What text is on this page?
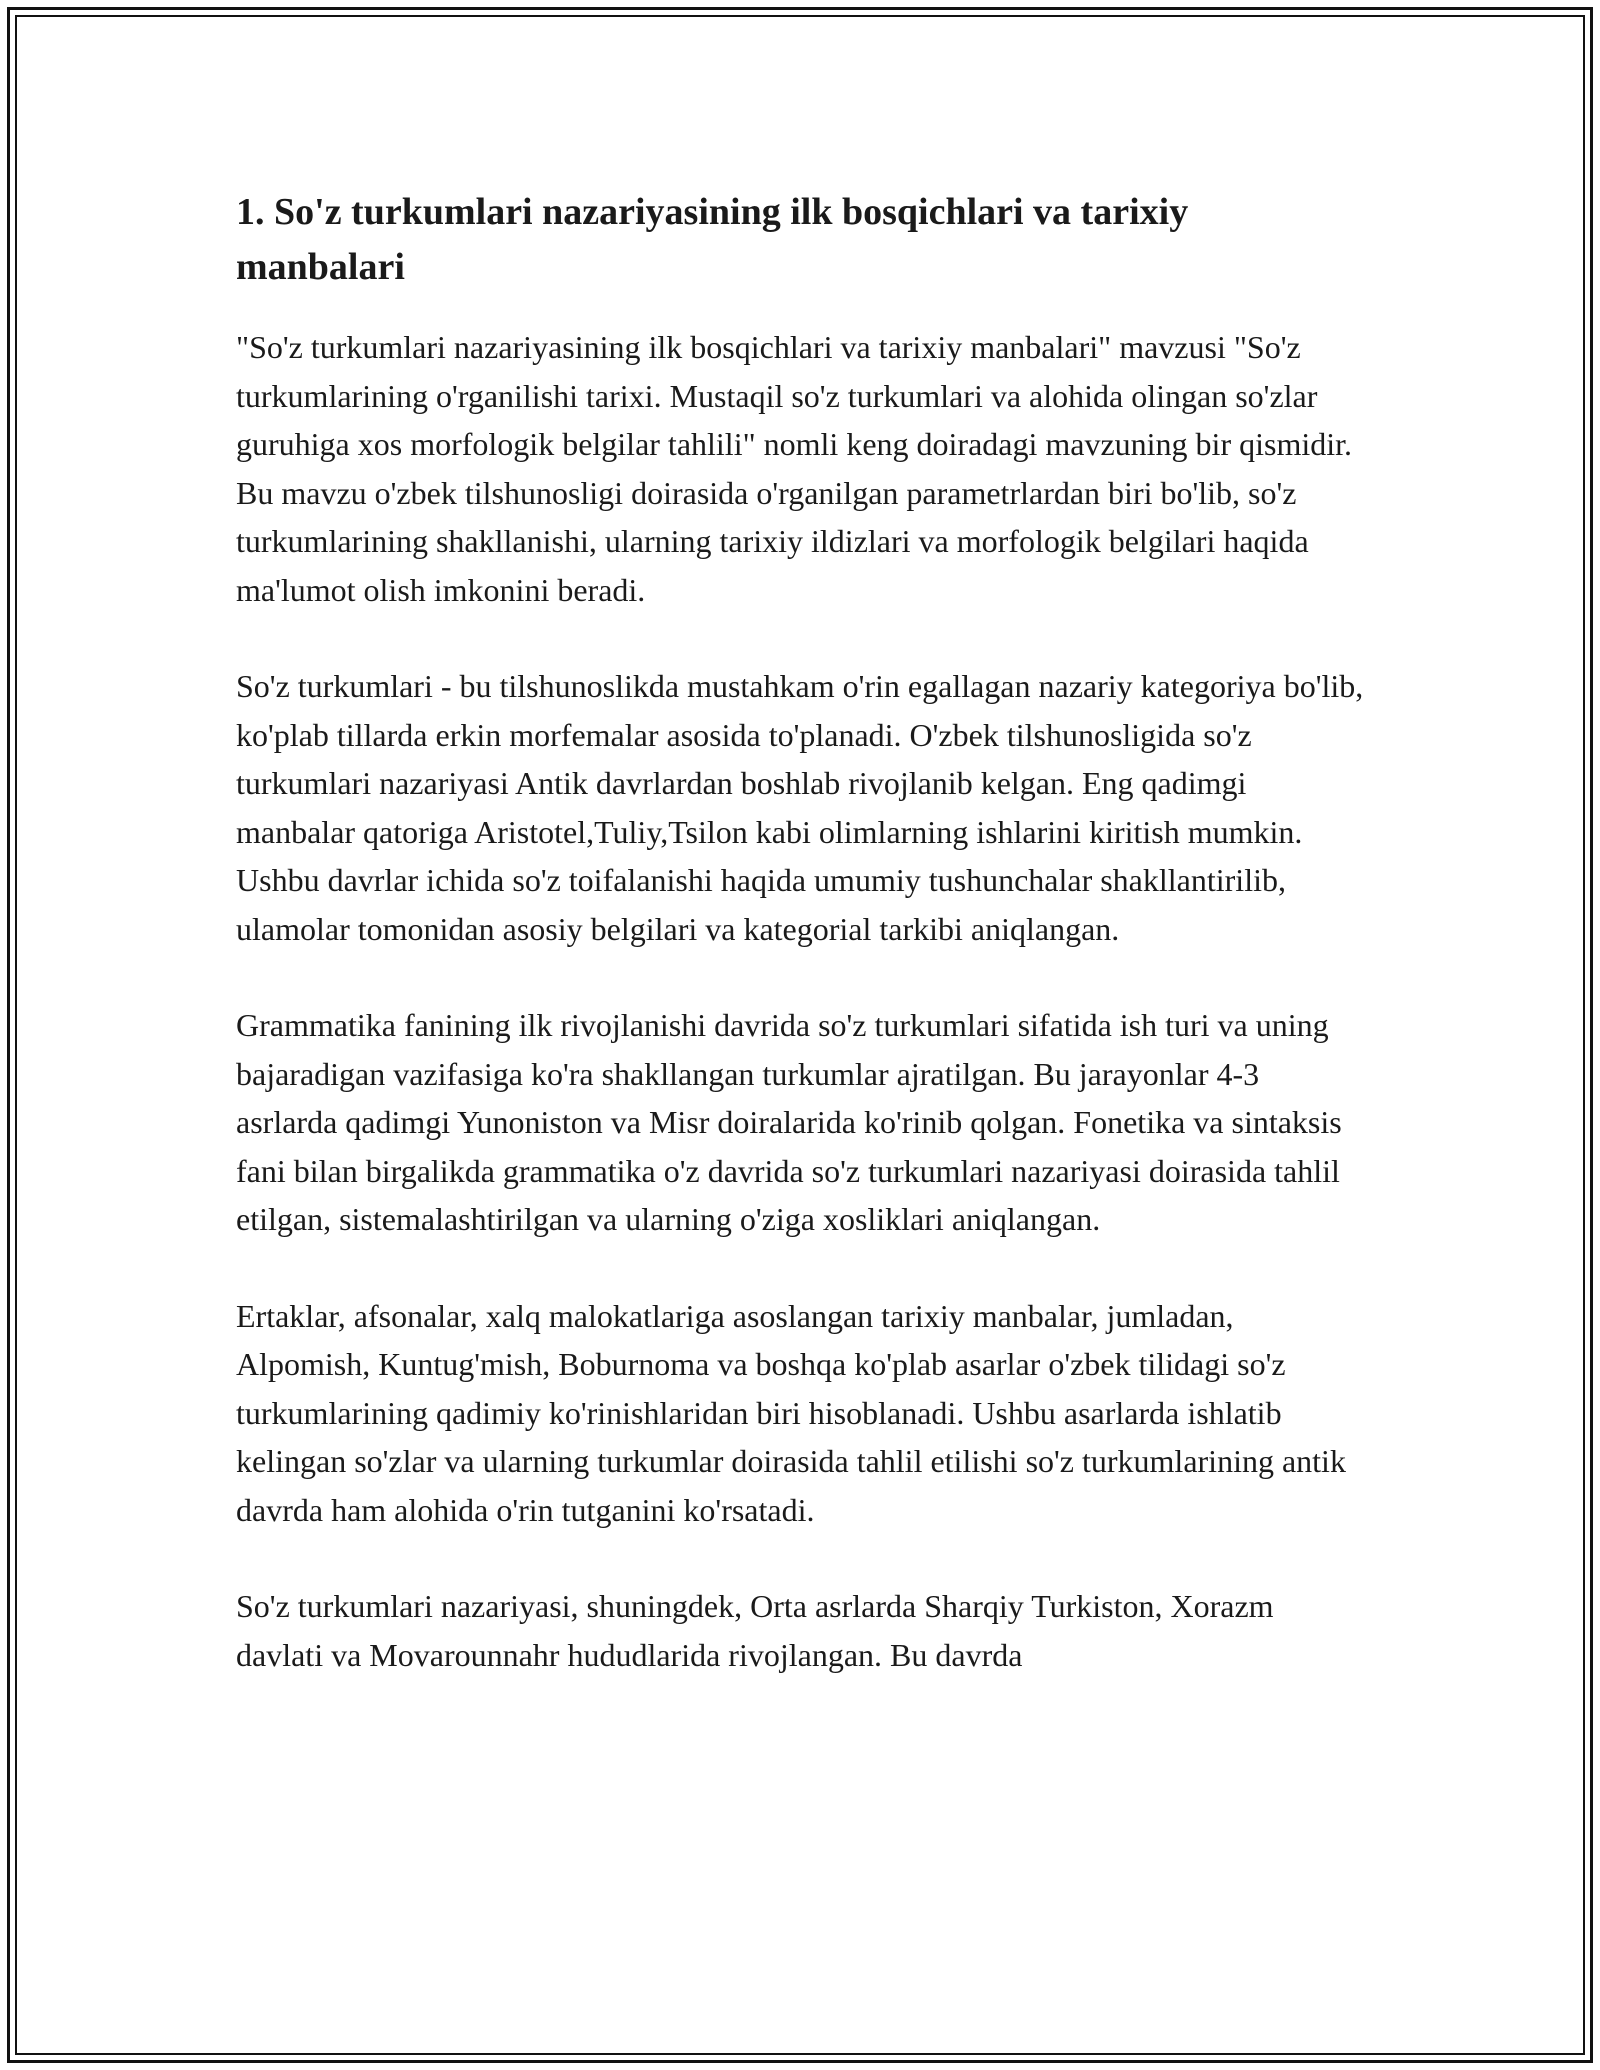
1. So'z turkumlari nazariyasining ilk bosqichlari va tarixiy manbalari

"So'z turkumlari nazariyasining ilk bosqichlari va tarixiy manbalari" mavzusi "So'z turkumlarining o'rganilishi tarixi. Mustaqil so'z turkumlari va alohida olingan so'zlar guruhiga xos morfologik belgilar tahlili" nomli keng doiradagi mavzuning bir qismidir. Bu mavzu o'zbek tilshunosligi doirasida o'rganilgan parametrlardan biri bo'lib, so'z turkumlarining shakllanishi, ularning tarixiy ildizlari va morfologik belgilari haqida ma'lumot olish imkonini beradi.

So'z turkumlari - bu tilshunoslikda mustahkam o'rin egallagan nazariy kategoriya bo'lib, ko'plab tillarda erkin morfemalar asosida to'planadi. O'zbek tilshunosligida so'z turkumlari nazariyasi Antik davrlardan boshlab rivojlanib kelgan. Eng qadimgi manbalar qatoriga Aristotel,Tuliy,Tsilon kabi olimlarning ishlarini kiritish mumkin. Ushbu davrlar ichida so'z toifalanishi haqida umumiy tushunchalar shakllantirilib, ulamolar tomonidan asosiy belgilari va kategorial tarkibi aniqlangan.

Grammatika fanining ilk rivojlanishi davrida so'z turkumlari sifatida ish turi va uning bajaradigan vazifasiga ko'ra shakllangan turkumlar ajratilgan. Bu jarayonlar 4-3 asrlarda qadimgi Yunoniston va Misr doiralarida ko'rinib qolgan. Fonetika va sintaksis fani bilan birgalikda grammatika o'z davrida so'z turkumlari nazariyasi doirasida tahlil etilgan, sistemalashtirilgan va ularning o'ziga xosliklari aniqlangan.

Ertaklar, afsonalar, xalq malokatlariga asoslangan tarixiy manbalar, jumladan, Alpomish, Kuntug'mish, Boburnoma va boshqa ko'plab asarlar o'zbek tilidagi so'z turkumlarining qadimiy ko'rinishlaridan biri hisoblanadi. Ushbu asarlarda ishlatib kelingan so'zlar va ularning turkumlar doirasida tahlil etilishi so'z turkumlarining antik davrda ham alohida o'rin tutganini ko'rsatadi.

So'z turkumlari nazariyasi, shuningdek, Orta asrlarda Sharqiy Turkiston, Xorazm davlati va Movarounnahr hududlarida rivojlangan. Bu davrda
